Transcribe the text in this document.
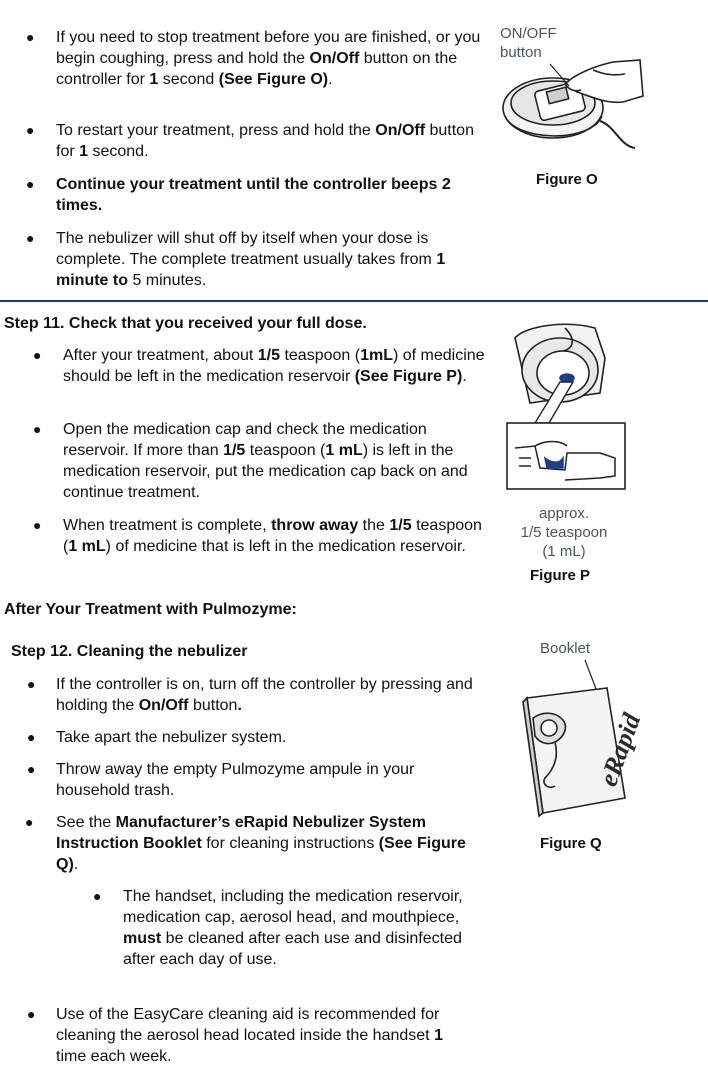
● If you need to stop treatment before you are finished, or you begin coughing, press and hold the On/Off button on the controller for 1 second (See Figure O).
● To restart your treatment, press and hold the On/Off button for 1 second.
● Continue your treatment until the controller beeps 2 times.
● The nebulizer will shut off by itself when your dose is complete. The complete treatment usually takes from 1 minute to 5 minutes.
ON/OFF button
Figure O
Step 11. Check that you received your full dose.
● After your treatment, about 1/5 teaspoon (1mL) of medicine should be left in the medication reservoir (See Figure P).
● Open the medication cap and check the medication reservoir. If more than 1/5 teaspoon (1 mL) is left in the medication reservoir, put the medication cap back on and continue treatment.
● When treatment is complete, throw away the 1/5 teaspoon (1 mL) of medicine that is left in the medication reservoir.
approx.
1/5 teaspoon
(1 mL)
Figure P
After Your Treatment with Pulmozyme:
Step 12. Cleaning the nebulizer
● If the controller is on, turn off the controller by pressing and holding the On/Off button.
● Take apart the nebulizer system.
● Throw away the empty Pulmozyme ampule in your household trash.
● See the Manufacturer’s eRapid Nebulizer System Instruction Booklet for cleaning instructions (See Figure Q).
● The handset, including the medication reservoir, medication cap, aerosol head, and mouthpiece, must be cleaned after each use and disinfected after each day of use.
● Use of the EasyCare cleaning aid is recommended for cleaning the aerosol head located inside the handset 1 time each week.
Booklet
eRapid
Figure Q
